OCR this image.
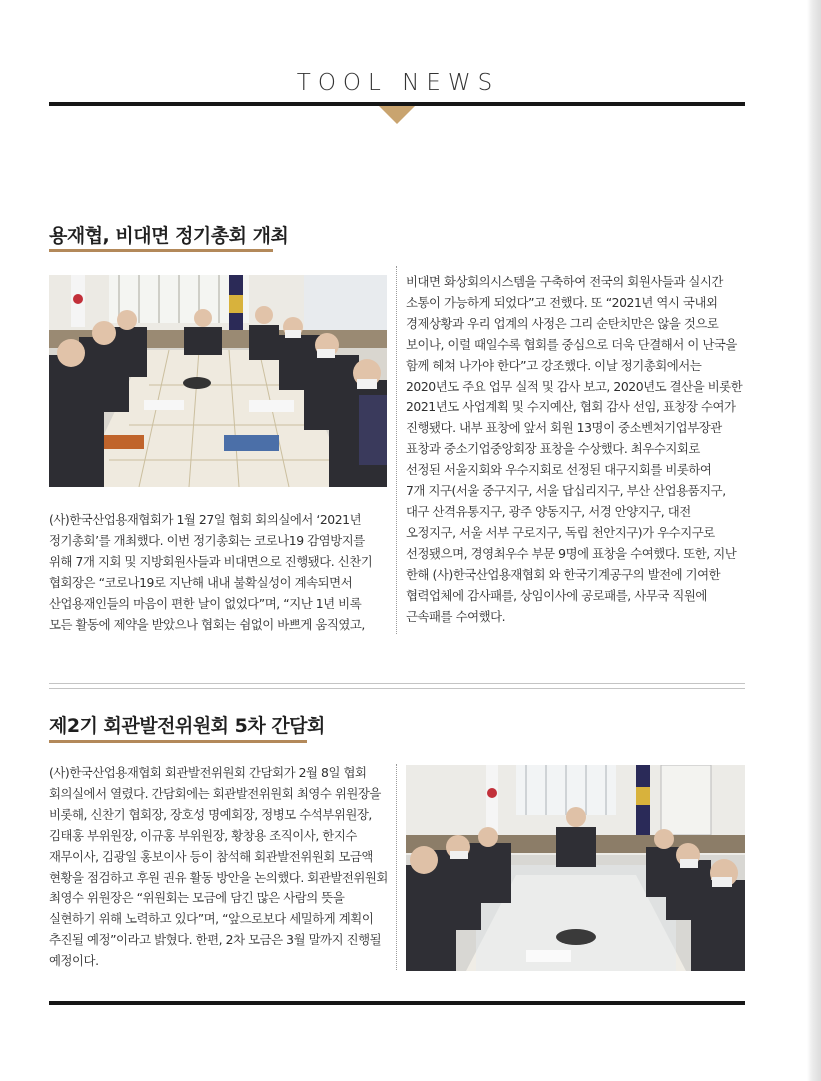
TOOL NEWS
용재협, 비대면 정기총회 개최
(사)한국산업용재협회가 1월 27일 협회 회의실에서 ‘2021년
정기총회’를 개최했다. 이번 정기총회는 코로나19 감염방지를
위해 7개 지회 및 지방회원사들과 비대면으로 진행됐다. 신찬기
협회장은 “코로나19로 지난해 내내 불확실성이 계속되면서
산업용재인들의 마음이 편한 날이 없었다”며, “지난 1년 비록
모든 활동에 제약을 받았으나 협회는 쉼없이 바쁘게 움직였고,
비대면 화상회의시스템을 구축하여 전국의 회원사들과 실시간
소통이 가능하게 되었다”고 전했다. 또 “2021년 역시 국내외
경제상황과 우리 업계의 사정은 그리 순탄치만은 않을 것으로
보이나, 이럴 때일수록 협회를 중심으로 더욱 단결해서 이 난국을
함께 헤쳐 나가야 한다”고 강조했다. 이날 정기총회에서는
2020년도 주요 업무 실적 및 감사 보고, 2020년도 결산을 비롯한
2021년도 사업계획 및 수지예산, 협회 감사 선임, 표창장 수여가
진행됐다. 내부 표창에 앞서 회원 13명이 중소벤처기업부장관
표창과 중소기업중앙회장 표창을 수상했다. 최우수지회로
선정된 서울지회와 우수지회로 선정된 대구지회를 비롯하여
7개 지구(서울 중구지구, 서울 답십리지구, 부산 산업용품지구,
대구 산격유통지구, 광주 양동지구, 서경 안양지구, 대전
오정지구, 서울 서부 구로지구, 독립 천안지구)가 우수지구로
선정됐으며, 경영최우수 부문 9명에 표창을 수여했다. 또한, 지난
한해 (사)한국산업용재협회 와 한국기계공구의 발전에 기여한
협력업체에 감사패를, 상임이사에 공로패를, 사무국 직원에
근속패를 수여했다.
제2기 회관발전위원회 5차 간담회
(사)한국산업용재협회 회관발전위원회 간담회가 2월 8일 협회
회의실에서 열렸다. 간담회에는 회관발전위원회 최영수 위원장을
비롯해, 신찬기 협회장, 장호성 명예회장, 정병모 수석부위원장,
김태홍 부위원장, 이규홍 부위원장, 황창용 조직이사, 한지수
재무이사, 김광일 홍보이사 등이 참석해 회관발전위원회 모금액
현황을 점검하고 후원 권유 활동 방안을 논의했다. 회관발전위원회
최영수 위원장은 “위원회는 모금에 담긴 많은 사람의 뜻을
실현하기 위해 노력하고 있다”며, “앞으로보다 세밀하게 계획이
추진될 예정”이라고 밝혔다. 한편, 2차 모금은 3월 말까지 진행될
예정이다.
